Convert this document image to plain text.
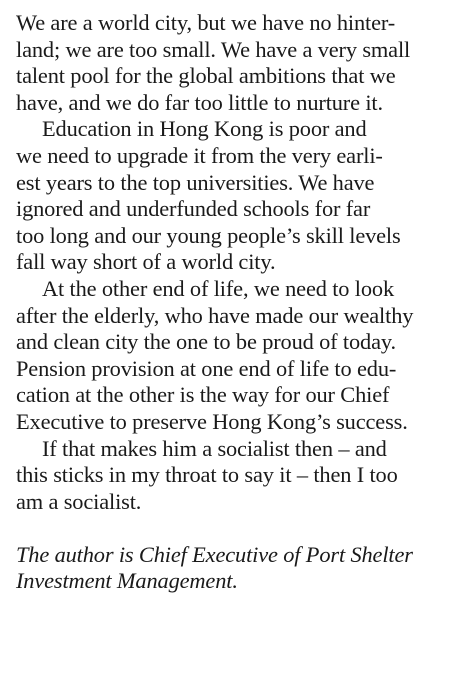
We are a world city, but we have no hinter-
land; we are too small. We have a very small
talent pool for the global ambitions that we
have, and we do far too little to nurture it.
Education in Hong Kong is poor and
we need to upgrade it from the very earli-
est years to the top universities. We have
ignored and underfunded schools for far
too long and our young people’s skill levels
fall way short of a world city.
At the other end of life, we need to look
after the elderly, who have made our wealthy
and clean city the one to be proud of today.
Pension provision at one end of life to edu-
cation at the other is the way for our Chief
Executive to preserve Hong Kong’s success.
If that makes him a socialist then – and
this sticks in my throat to say it – then I too
am a socialist.
The author is Chief Executive of Port Shelter
Investment Management.
